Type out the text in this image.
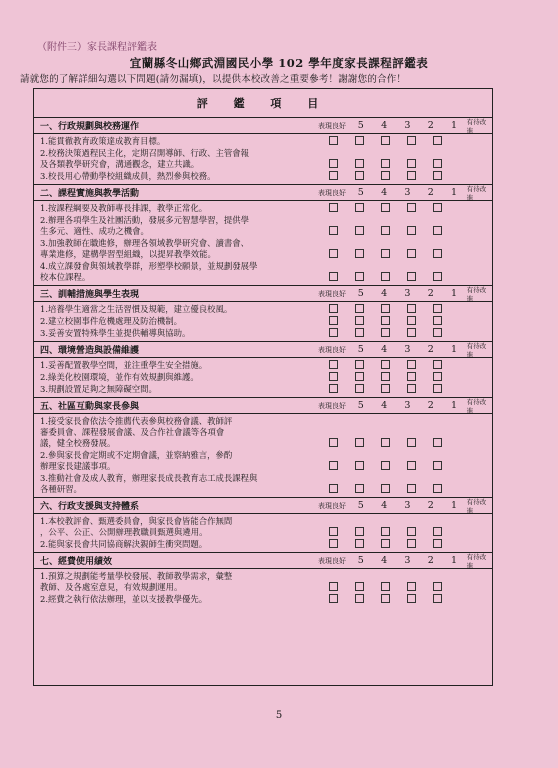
（附件三）家長課程評鑑表
宜蘭縣冬山鄉武淵國民小學 102 學年度家長課程評鑑表
請就您的了解詳細勾選以下問題(請勿漏填)，以提供本校改善之重要參考！謝謝您的合作！
評 鑑 項 目
一、行政規劃與校務運作	表現良好	5	4	3	2	1	有待改進
1.能貫徹教育政策達成教育目標。
2.校務決策過程民主化，定期召開導師、行政、主管會報
及各類教學研究會，溝通觀念，建立共識。
3.校長用心帶動學校組織成員，熱烈參與校務。
二、課程實施與教學活動	表現良好	5	4	3	2	1	有待改進
1.按課程綱要及教師專長排課，教學正常化。
2.辦理各項學生及社團活動，發展多元智慧學習，提供學
生多元、適性、成功之機會。
3.加強教師在職進修，辦理各領域教學研究會、讀書會、
專業進修，建構學習型組織，以提昇教學效能。
4.成立課發會與領域教學群，形塑學校願景，並規劃發展學
校本位課程。
三、訓輔措施與學生表現	表現良好	5	4	3	2	1	有待改進
1.培養學生適當之生活習慣及規範，建立優良校風。
2.建立校園事件危機處理及防治機制。
3.妥善安置特殊學生並提供輔導與協助。
四、環境營造與設備維護	表現良好	5	4	3	2	1	有待改進
1.妥善配置教學空間，並注重學生安全措施。
2.綠美化校園環境，並作有效規劃與維護。
3.規劃設置足夠之無障礙空間。
五、社區互動與家長參與	表現良好	5	4	3	2	1	有待改進
1.接受家長會依法令推薦代表參與校務會議、教師評
審委員會、課程發展會議、及合作社會議等各項會
議，健全校務發展。
2.參與家長會定期或不定期會議，並察納雅言，參酌
辦理家長建議事項。
3.推動社會及成人教育，辦理家長成長教育志工成長課程與
各種研習。
六、行政支援與支持體系	表現良好	5	4	3	2	1	有待改進
1.本校教評會、甄選委員會，與家長會皆能合作無間
，公平、公正、公開辦理教職員甄選與遴用。
2.能與家長會共同協商解決親師生衝突問題。
七、經費使用績效	表現良好	5	4	3	2	1	有待改進
1.預算之規劃能考量學校發展、教師教學需求，彙整
教師、及各處室意見，有效規劃運用。
2.經費之執行依法辦理，並以支援教學優先。
5
